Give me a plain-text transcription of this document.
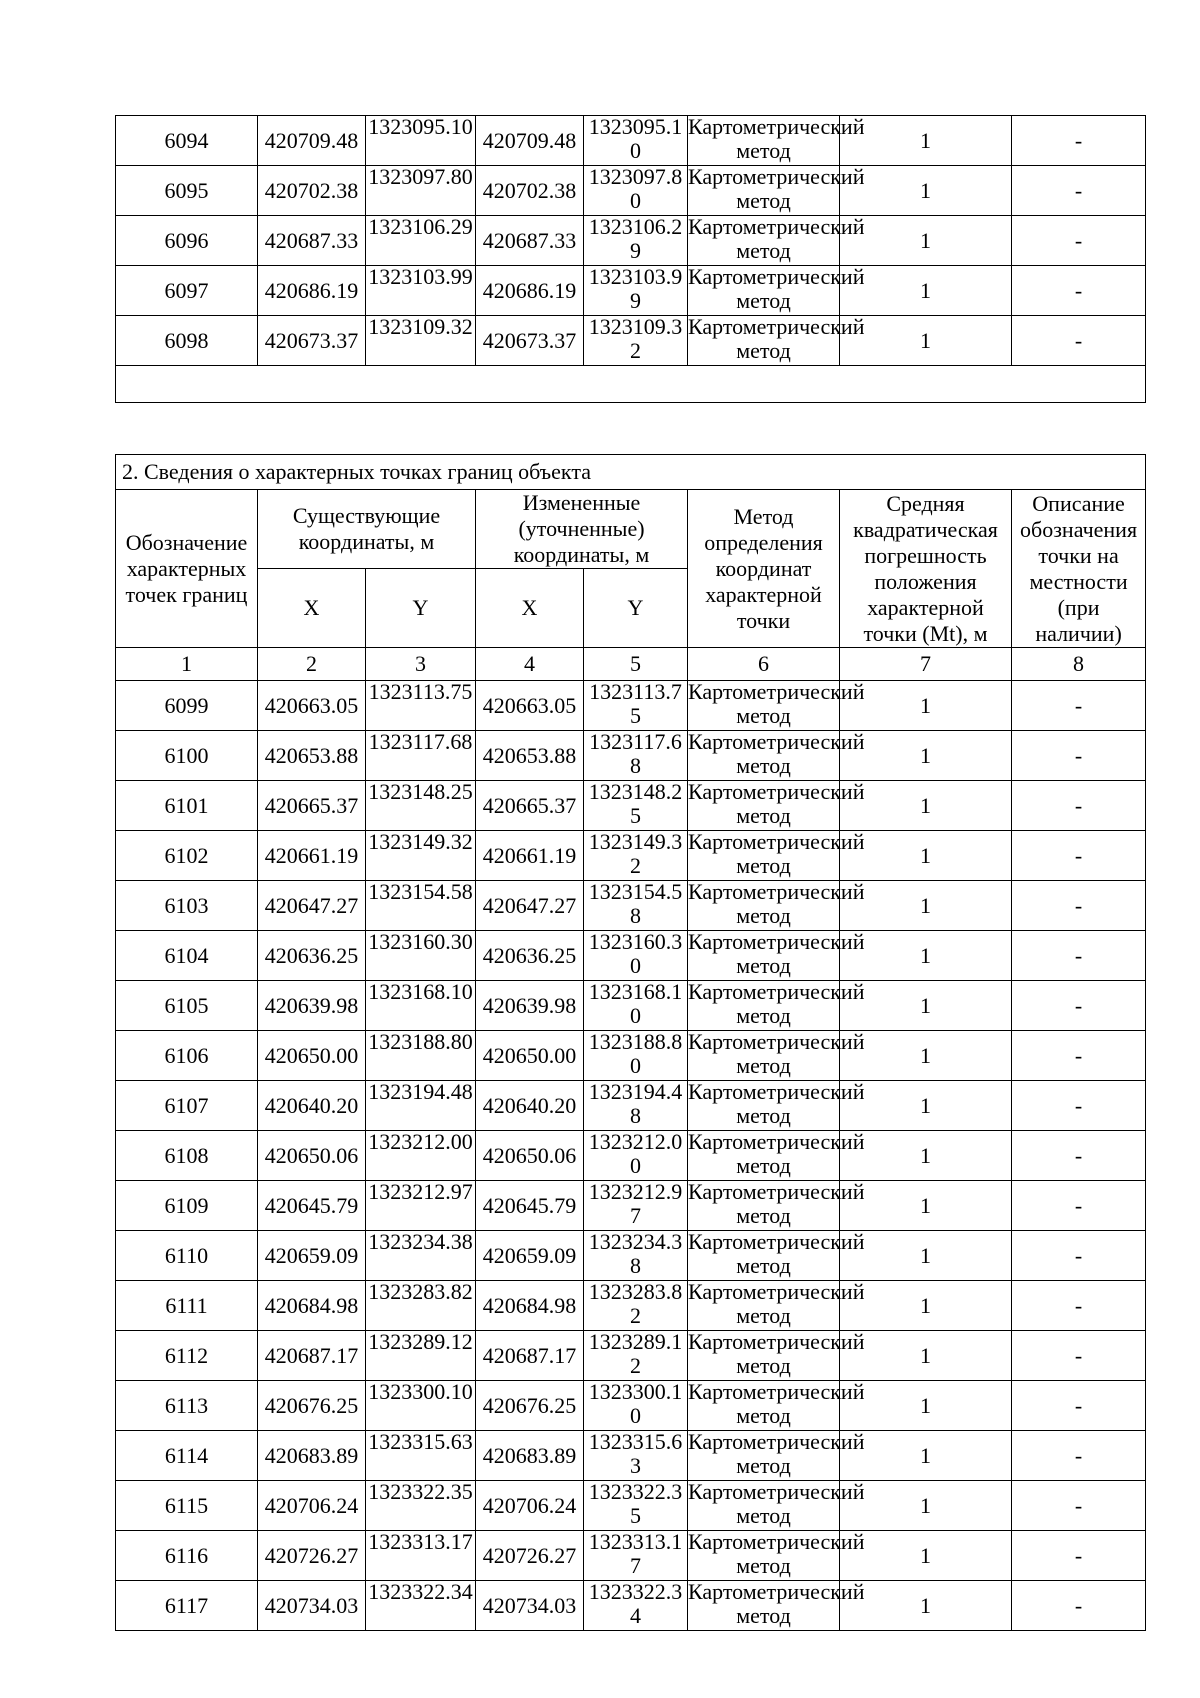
6094	420709.48	1323095.10	420709.48	1323095.10	Картометрический метод	1	-
6095	420702.38	1323097.80	420702.38	1323097.80	Картометрический метод	1	-
6096	420687.33	1323106.29	420687.33	1323106.29	Картометрический метод	1	-
6097	420686.19	1323103.99	420686.19	1323103.99	Картометрический метод	1	-
6098	420673.37	1323109.32	420673.37	1323109.32	Картометрический метод	1	-

2. Сведения о характерных точках границ объекта							
Обозначение характерных точек границ	Существующие координаты, м		Измененные (уточненные) координаты, м		Метод определения координат характерной точки	Средняя квадратическая погрешность положения характерной точки (Mt), м	Описание обозначения точки на местности (при наличии)
	X	Y	X	Y			
1	2	3	4	5	6	7	8
6099	420663.05	1323113.75	420663.05	1323113.75	Картометрический метод	1	-
6100	420653.88	1323117.68	420653.88	1323117.68	Картометрический метод	1	-
6101	420665.37	1323148.25	420665.37	1323148.25	Картометрический метод	1	-
6102	420661.19	1323149.32	420661.19	1323149.32	Картометрический метод	1	-
6103	420647.27	1323154.58	420647.27	1323154.58	Картометрический метод	1	-
6104	420636.25	1323160.30	420636.25	1323160.30	Картометрический метод	1	-
6105	420639.98	1323168.10	420639.98	1323168.10	Картометрический метод	1	-
6106	420650.00	1323188.80	420650.00	1323188.80	Картометрический метод	1	-
6107	420640.20	1323194.48	420640.20	1323194.48	Картометрический метод	1	-
6108	420650.06	1323212.00	420650.06	1323212.00	Картометрический метод	1	-
6109	420645.79	1323212.97	420645.79	1323212.97	Картометрический метод	1	-
6110	420659.09	1323234.38	420659.09	1323234.38	Картометрический метод	1	-
6111	420684.98	1323283.82	420684.98	1323283.82	Картометрический метод	1	-
6112	420687.17	1323289.12	420687.17	1323289.12	Картометрический метод	1	-
6113	420676.25	1323300.10	420676.25	1323300.10	Картометрический метод	1	-
6114	420683.89	1323315.63	420683.89	1323315.63	Картометрический метод	1	-
6115	420706.24	1323322.35	420706.24	1323322.35	Картометрический метод	1	-
6116	420726.27	1323313.17	420726.27	1323313.17	Картометрический метод	1	-
6117	420734.03	1323322.34	420734.03	1323322.34	Картометрический метод	1	-
